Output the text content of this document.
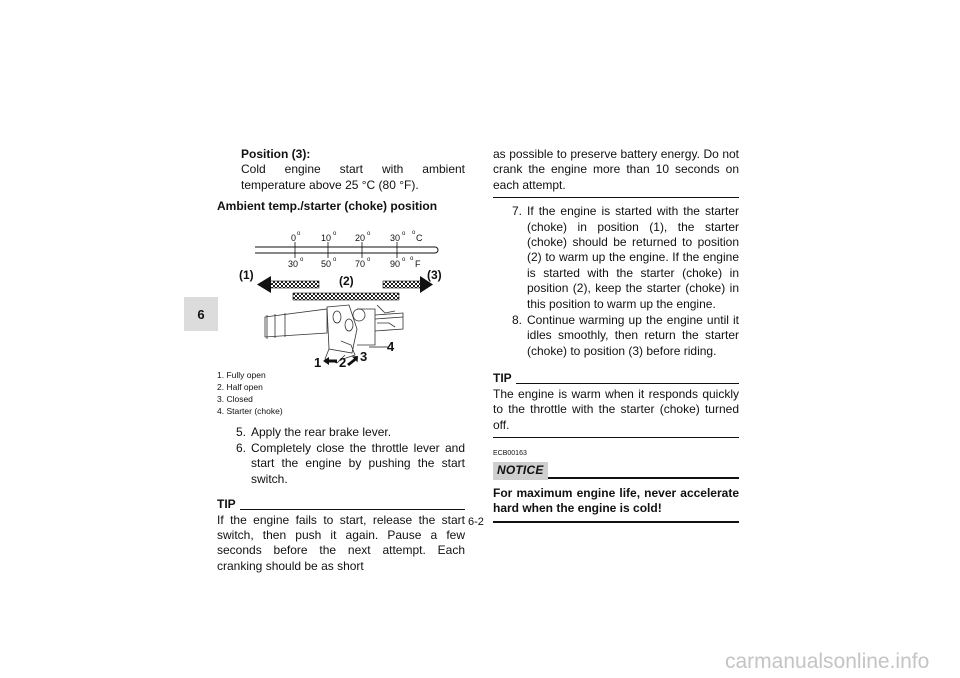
6

Position (3):

Cold engine start with ambient temperature above 25 °C (80 °F).

Ambient temp./starter (choke) position

0	10	20	30 C
30	50	70	90 F
o	o	o	o o
o	o	o	o o
(1)	(2)	(3)
1 2 3
4
1. Fully open
2. Half open
3. Closed
4. Starter (choke)
5. Apply the rear brake lever.
6. Completely close the throttle lever and start the engine by pushing the start switch.
TIP

If the engine fails to start, release the start switch, then push it again. Pause a few seconds before the next attempt. Each cranking should be as short

as possible to preserve battery energy. Do not crank the engine more than 10 seconds on each attempt.

7. If the engine is started with the starter (choke) in position (1), the starter (choke) should be returned to position (2) to warm up the engine. If the engine is started with the starter (choke) in position (2), keep the starter (choke) in this position to warm up the engine.
8. Continue warming up the engine until it idles smoothly, then return the starter (choke) to position (3) before riding.
TIP

The engine is warm when it responds quickly to the throttle with the starter (choke) turned off.

ECB00163
NOTICE

For maximum engine life, never accelerate hard when the engine is cold!

6-2
carmanualsonline.info
